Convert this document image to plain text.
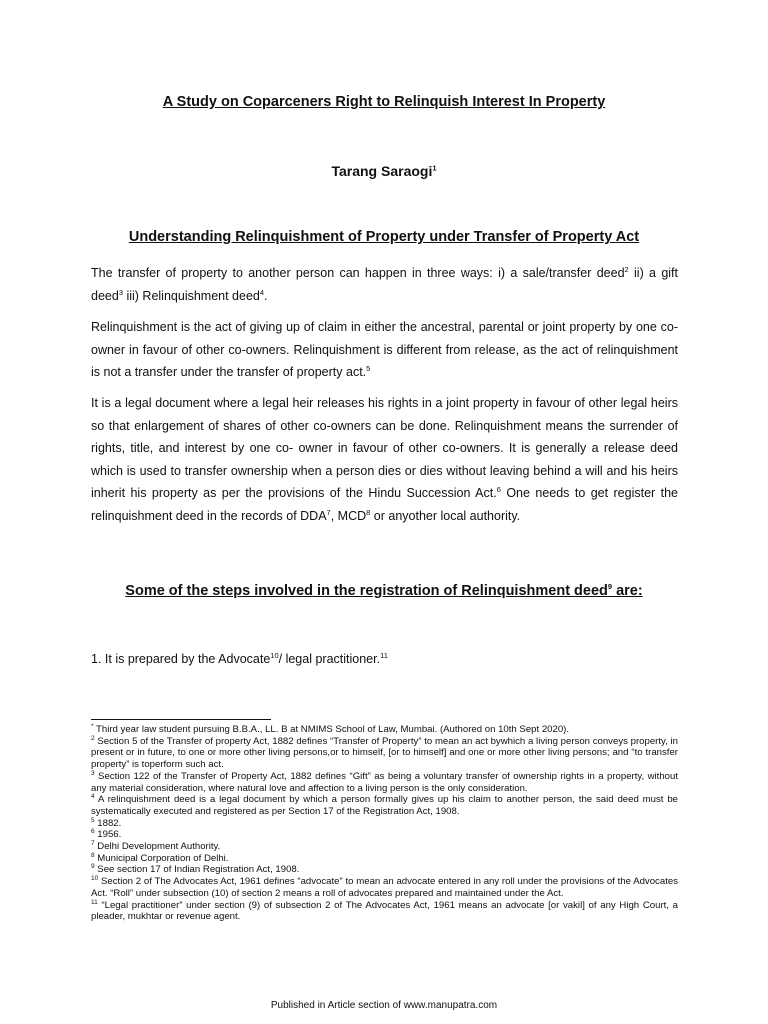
A Study on Coparceners Right to Relinquish Interest In Property
Tarang Saraogi$^1$
Understanding Relinquishment of Property under Transfer of Property Act

The transfer of property to another person can happen in three ways: i) a sale/transfer deed$^2$ ii) a gift deed$^3$ iii) Relinquishment deed$^4$.

Relinquishment is the act of giving up of claim in either the ancestral, parental or joint property by one co-owner in favour of other co-owners. Relinquishment is different from release, as the act of relinquishment is not a transfer under the transfer of property act.$^5$

It is a legal document where a legal heir releases his rights in a joint property in favour of other legal heirs so that enlargement of shares of other co-owners can be done. Relinquishment means the surrender of rights, title, and interest by one co- owner in favour of other co-owners. It is generally a release deed which is used to transfer ownership when a person dies or dies without leaving behind a will and his heirs inherit his property as per the provisions of the Hindu Succession Act.$^6$ One needs to get register the relinquishment deed in the records of DDA$^7$, MCD$^8$ or anyother local authority.

Some of the steps involved in the registration of Relinquishment deed$^9$ are:

1. It is prepared by the Advocate$^{10}$/ legal practitioner.$^{11}$

* Third year law student pursuing B.B.A., LL. B at NMIMS School of Law, Mumbai. (Authored on 10th Sept 2020).

$^2$ Section 5 of the Transfer of property Act, 1882 defines “Transfer of Property” to mean an act bywhich a living person conveys property, in present or in future, to one or more other living persons,or to himself, [or to himself] and one or more other living persons; and “to transfer property” is toperform such act.

$^3$ Section 122 of the Transfer of Property Act, 1882 defines “Gift” as being a voluntary transfer of ownership rights in a property, without any material consideration, where natural love and affection to a living person is the only consideration.

$^4$ A relinquishment deed is a legal document by which a person formally gives up his claim to another person, the said deed must be systematically executed and registered as per Section 17 of the Registration Act, 1908.

$^5$ 1882.

$^6$ 1956.

$^7$ Delhi Development Authority.

$^8$ Municipal Corporation of Delhi.

$^9$ See section 17 of Indian Registration Act, 1908.

$^{10}$ Section 2 of The Advocates Act, 1961 defines “advocate” to mean an advocate entered in any roll under the provisions of the Advocates Act. “Roll” under subsection (10) of section 2 means a roll of advocates prepared and maintained under the Act.

$^{11}$ “Legal practitioner” under section (9) of subsection 2 of The Advocates Act, 1961 means an advocate [or vakil] of any High Court, a pleader, mukhtar or revenue agent.

Published in Article section of www.manupatra.com
